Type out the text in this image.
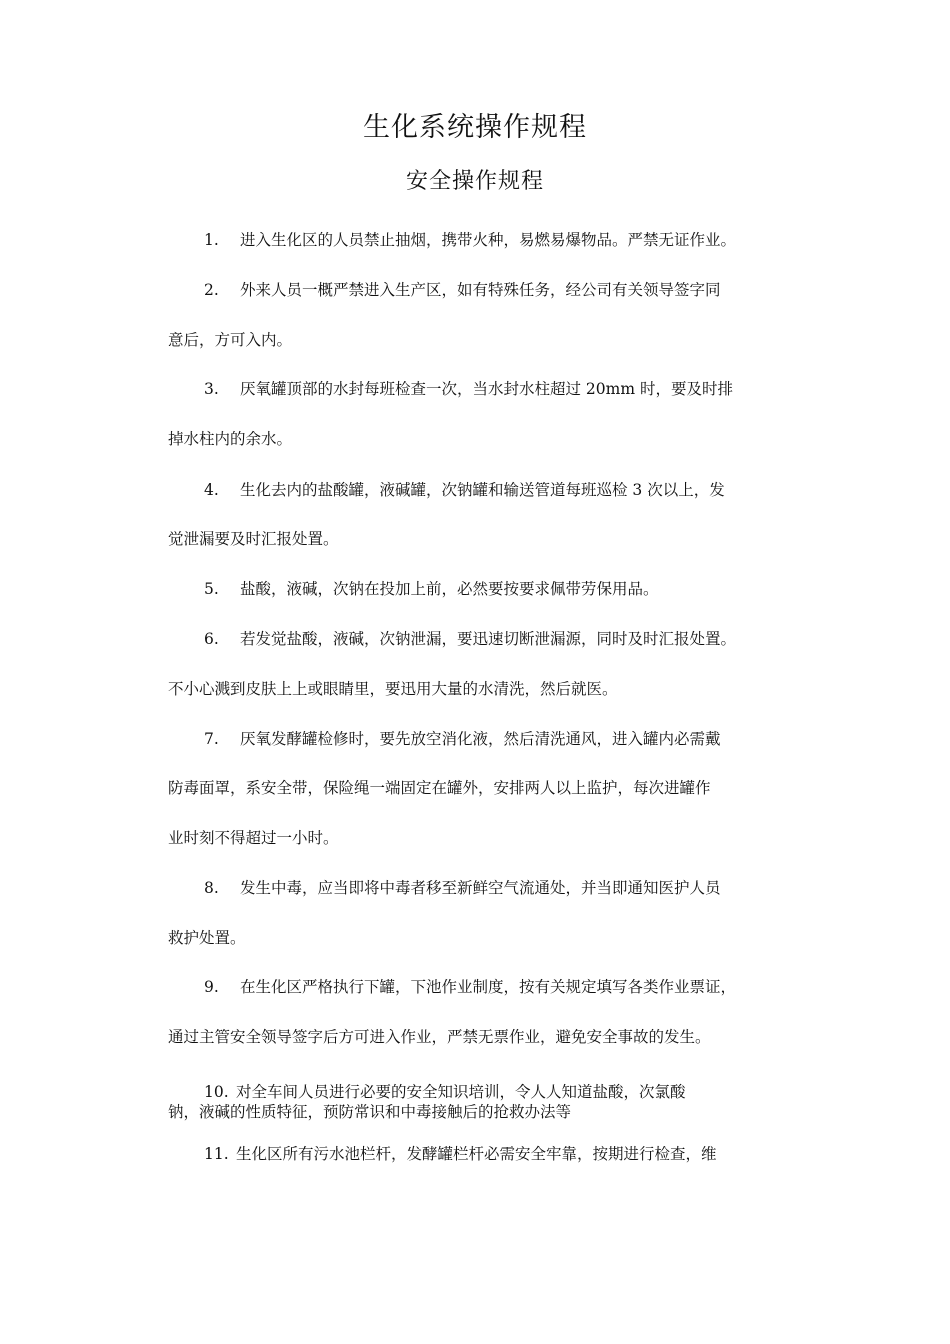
生化系统操作规程
安全操作规程
1. 进入生化区的人员禁止抽烟，携带火种，易燃易爆物品。严禁无证作业。
2. 外来人员一概严禁进入生产区，如有特殊任务，经公司有关领导签字同
意后，方可入内。
3. 厌氧罐顶部的水封每班检查一次，当水封水柱超过 20mm 时，要及时排
掉水柱内的余水。
4. 生化去内的盐酸罐，液碱罐，次钠罐和输送管道每班巡检 3 次以上，发
觉泄漏要及时汇报处置。
5. 盐酸，液碱，次钠在投加上前，必然要按要求佩带劳保用品。
6. 若发觉盐酸，液碱，次钠泄漏，要迅速切断泄漏源，同时及时汇报处置。
不小心溅到皮肤上上或眼睛里，要迅用大量的水清洗，然后就医。
7. 厌氧发酵罐检修时，要先放空消化液，然后清洗通风，进入罐内必需戴
防毒面罩，系安全带，保险绳一端固定在罐外，安排两人以上监护，每次进罐作
业时刻不得超过一小时。
8. 发生中毒，应当即将中毒者移至新鲜空气流通处，并当即通知医护人员
救护处置。
9. 在生化区严格执行下罐，下池作业制度，按有关规定填写各类作业票证，
通过主管安全领导签字后方可进入作业，严禁无票作业，避免安全事故的发生。
10. 对全车间人员进行必要的安全知识培训，令人人知道盐酸，次氯酸
钠，液碱的性质特征，预防常识和中毒接触后的抢救办法等
11. 生化区所有污水池栏杆，发酵罐栏杆必需安全牢靠，按期进行检查，维
